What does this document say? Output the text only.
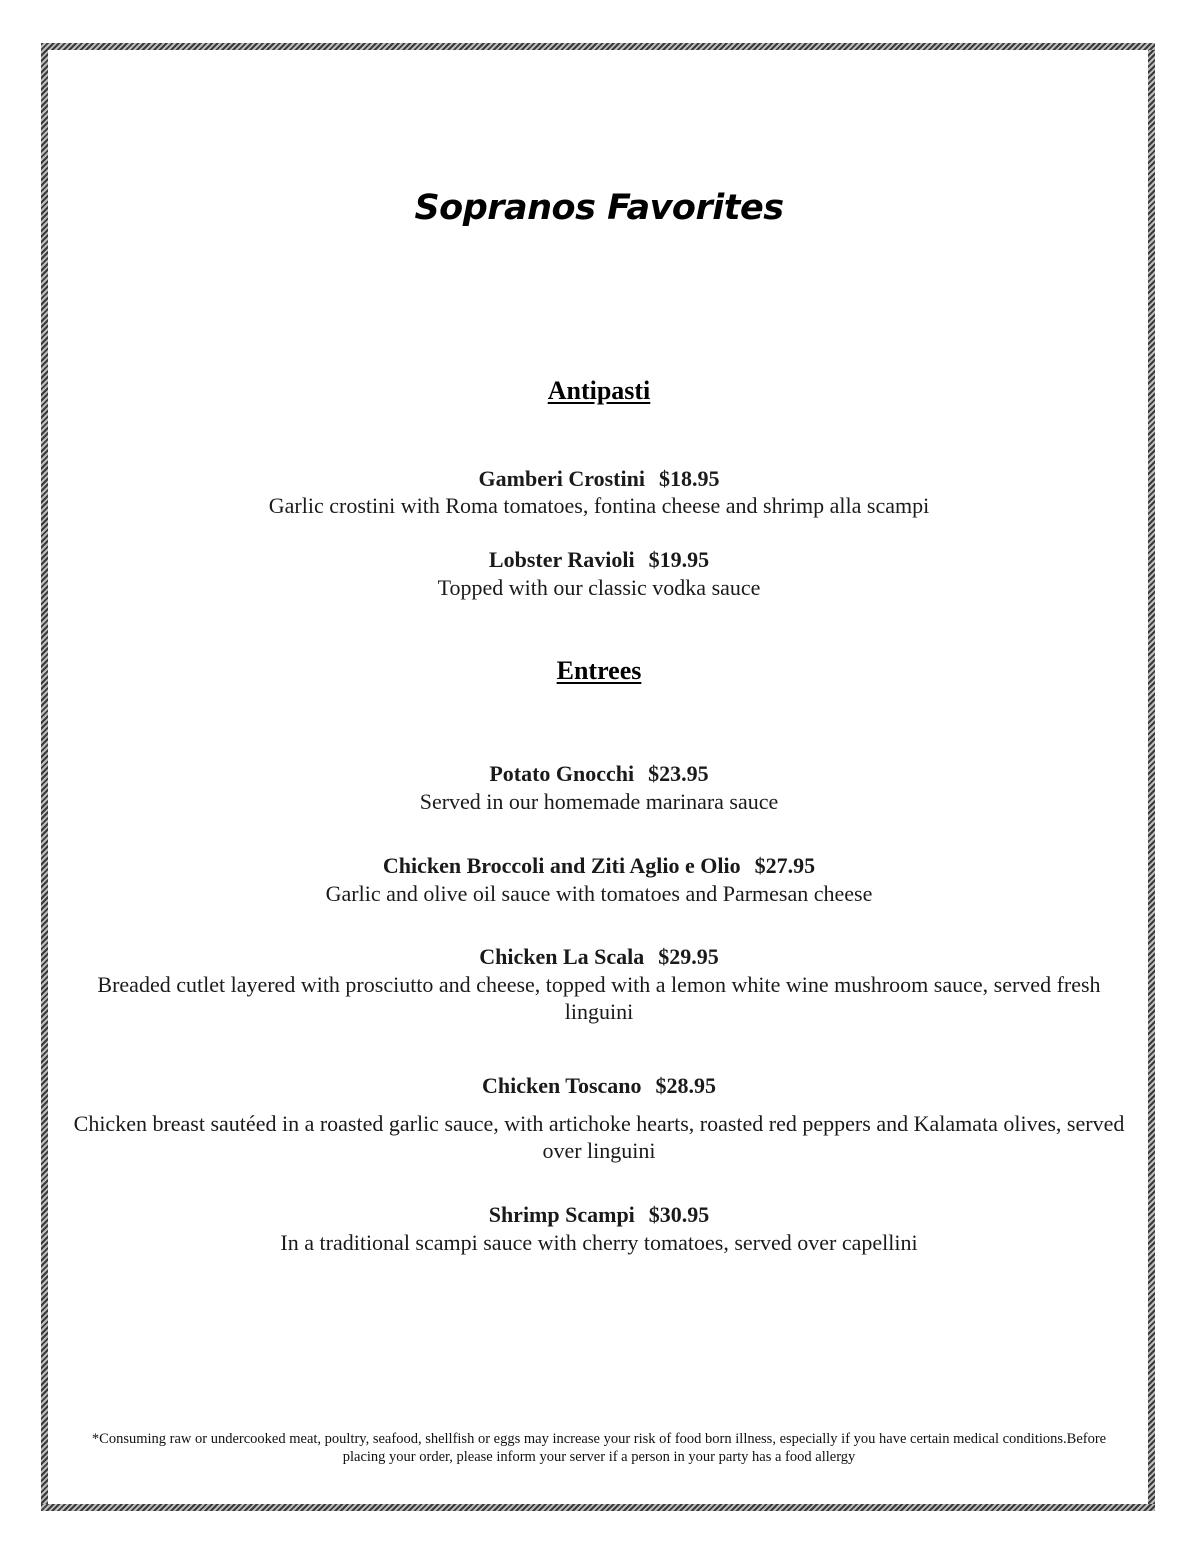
Sopranos Favorites
Antipasti
Gamberi Crostini $18.95
Garlic crostini with Roma tomatoes, fontina cheese and shrimp alla scampi
Lobster Ravioli $19.95
Topped with our classic vodka sauce
Entrees
Potato Gnocchi $23.95
Served in our homemade marinara sauce
Chicken Broccoli and Ziti Aglio e Olio $27.95
Garlic and olive oil sauce with tomatoes and Parmesan cheese
Chicken La Scala $29.95
Breaded cutlet layered with prosciutto and cheese, topped with a lemon white wine mushroom sauce, served fresh linguini
Chicken Toscano $28.95
Chicken breast sautéed in a roasted garlic sauce, with artichoke hearts, roasted red peppers and Kalamata olives, served over linguini
Shrimp Scampi $30.95
In a traditional scampi sauce with cherry tomatoes, served over capellini
*Consuming raw or undercooked meat, poultry, seafood, shellfish or eggs may increase your risk of food born illness, especially if you have certain medical conditions.Before placing your order, please inform your server if a person in your party has a food allergy
